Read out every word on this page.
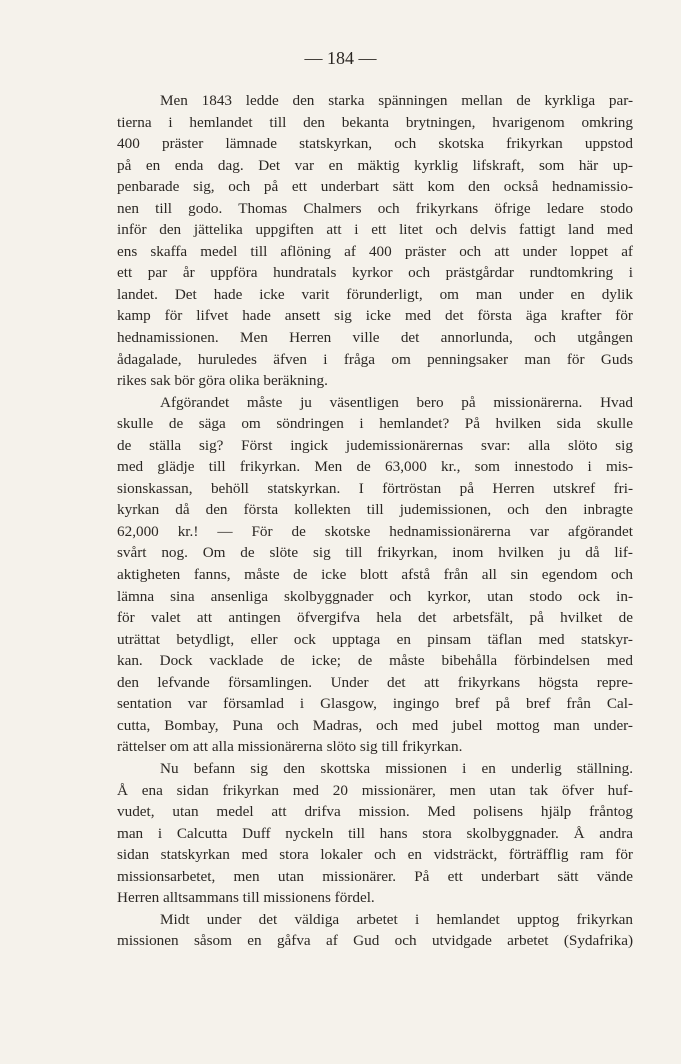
— 184 —
Men 1843 ledde den starka spänningen mellan de kyrkliga par-
tierna i hemlandet till den bekanta brytningen, hvarigenom omkring
400 präster lämnade statskyrkan, och skotska frikyrkan uppstod
på en enda dag. Det var en mäktig kyrklig lifskraft, som här up-
penbarade sig, och på ett underbart sätt kom den också hednamissio-
nen till godo. Thomas Chalmers och frikyrkans öfrige ledare stodo
inför den jättelika uppgiften att i ett litet och delvis fattigt land med
ens skaffa medel till aflöning af 400 präster och att under loppet af
ett par år uppföra hundratals kyrkor och prästgårdar rundtomkring i
landet. Det hade icke varit förunderligt, om man under en dylik
kamp för lifvet hade ansett sig icke med det första äga krafter för
hednamissionen. Men Herren ville det annorlunda, och utgången
ådagalade, huruledes äfven i fråga om penningsaker man för Guds
rikes sak bör göra olika beräkning.
Afgörandet måste ju väsentligen bero på missionärerna. Hvad
skulle de säga om söndringen i hemlandet? På hvilken sida skulle
de ställa sig? Först ingick judemissionärernas svar: alla slöto sig
med glädje till frikyrkan. Men de 63,000 kr., som innestodo i mis-
sionskassan, behöll statskyrkan. I förtröstan på Herren utskref fri-
kyrkan då den första kollekten till judemissionen, och den inbragte
62,000 kr.! — För de skotske hednamissionärerna var afgörandet
svårt nog. Om de slöte sig till frikyrkan, inom hvilken ju då lif-
aktigheten fanns, måste de icke blott afstå från all sin egendom och
lämna sina ansenliga skolbyggnader och kyrkor, utan stodo ock in-
för valet att antingen öfvergifva hela det arbetsfält, på hvilket de
uträttat betydligt, eller ock upptaga en pinsam täflan med statskyr-
kan. Dock vacklade de icke; de måste bibehålla förbindelsen med
den lefvande församlingen. Under det att frikyrkans högsta repre-
sentation var församlad i Glasgow, ingingo bref på bref från Cal-
cutta, Bombay, Puna och Madras, och med jubel mottog man under-
rättelser om att alla missionärerna slöto sig till frikyrkan.
Nu befann sig den skottska missionen i en underlig ställning.
Å ena sidan frikyrkan med 20 missionärer, men utan tak öfver huf-
vudet, utan medel att drifva mission. Med polisens hjälp fråntog
man i Calcutta Duff nyckeln till hans stora skolbyggnader. Å andra
sidan statskyrkan med stora lokaler och en vidsträckt, förträfflig ram för
missionsarbetet, men utan missionärer. På ett underbart sätt vände
Herren alltsammans till missionens fördel.
Midt under det väldiga arbetet i hemlandet upptog frikyrkan
missionen såsom en gåfva af Gud och utvidgade arbetet (Sydafrika)
